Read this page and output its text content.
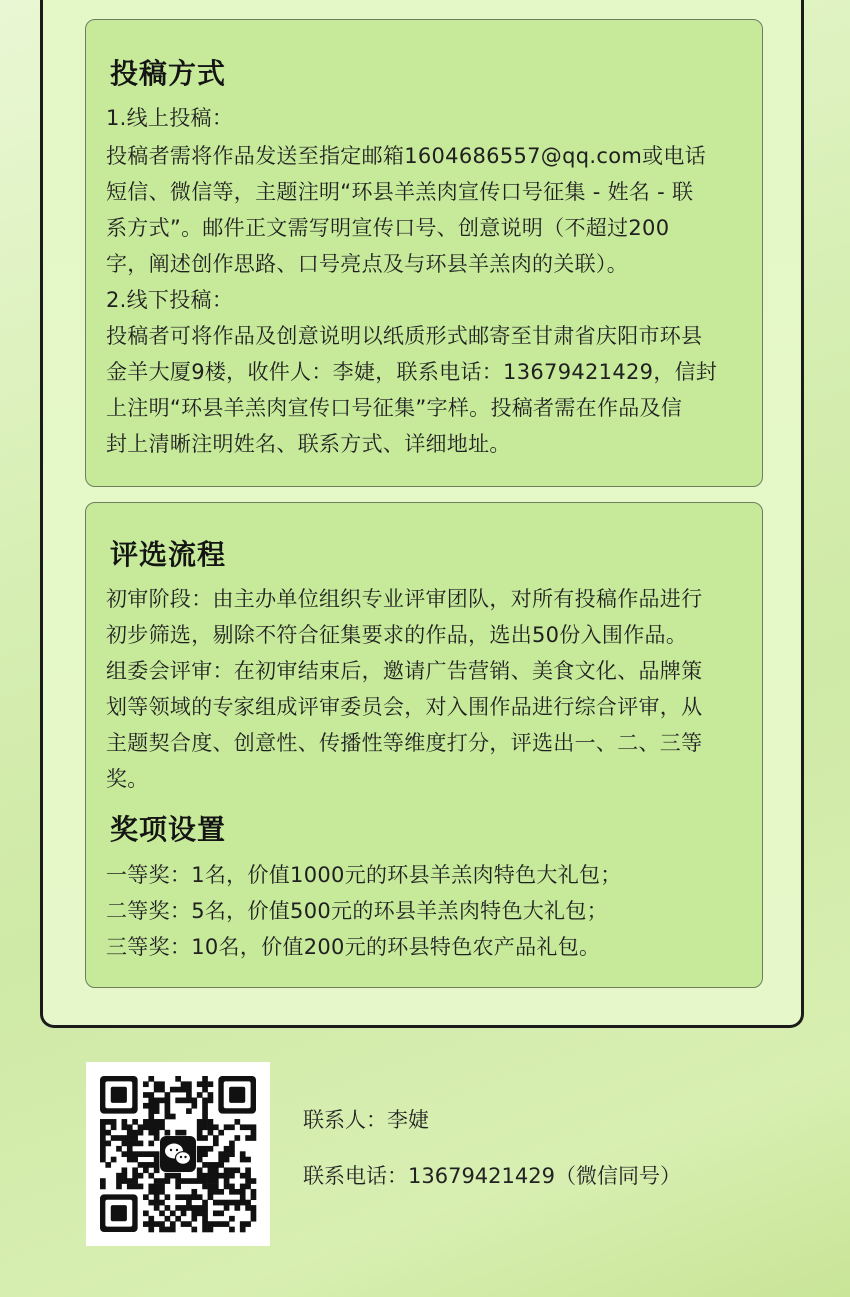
投稿方式
1.线上投稿：
投稿者需将作品发送至指定邮箱1604686557@qq.com或电话
短信、微信等，主题注明“环县羊羔肉宣传口号征集 - 姓名 - 联
系方式”。邮件正文需写明宣传口号、创意说明（不超过200
字，阐述创作思路、口号亮点及与环县羊羔肉的关联）。
2.线下投稿：
投稿者可将作品及创意说明以纸质形式邮寄至甘肃省庆阳市环县
金羊大厦9楼，收件人：李婕，联系电话：13679421429，信封
上注明“环县羊羔肉宣传口号征集”字样。投稿者需在作品及信
封上清晰注明姓名、联系方式、详细地址。
评选流程
初审阶段：由主办单位组织专业评审团队，对所有投稿作品进行
初步筛选，剔除不符合征集要求的作品，选出50份入围作品。
组委会评审：在初审结束后，邀请广告营销、美食文化、品牌策
划等领域的专家组成评审委员会，对入围作品进行综合评审，从
主题契合度、创意性、传播性等维度打分，评选出一、二、三等
奖。
奖项设置
一等奖：1名，价值1000元的环县羊羔肉特色大礼包；
二等奖：5名，价值500元的环县羊羔肉特色大礼包；
三等奖：10名，价值200元的环县特色农产品礼包。
联系人：李婕
联系电话：13679421429（微信同号）
